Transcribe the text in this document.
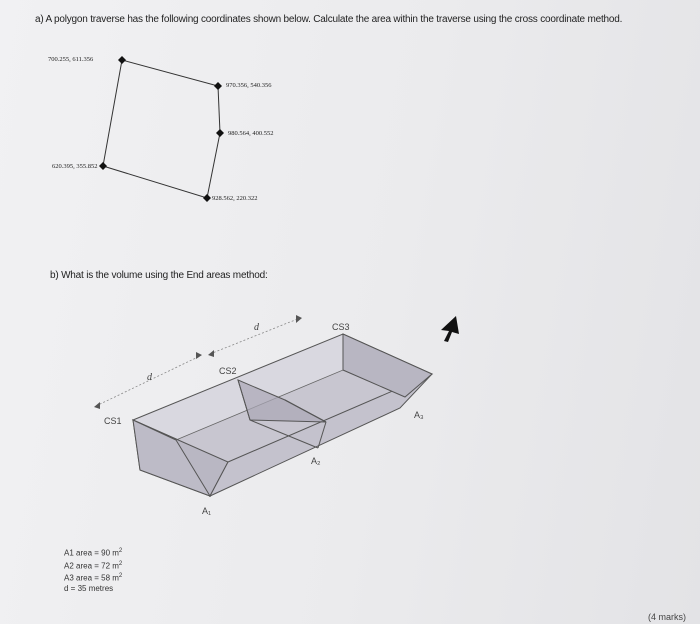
a) A polygon traverse has the following coordinates shown below. Calculate the area within the traverse using the cross coordinate method.
700.255, 611.356
970.356, 540.356
980.564, 400.552
928.562, 220.322
620.395, 355.852
b) What is the volume using the End areas method:
CS1
CS2
CS3
A₁
A₂
A₃
d
d
A1 area = 90 $m^2$
A2 area = 72 $m^2$
A3 area = 58 $m^2$
d = 35 metres
(4 marks)
